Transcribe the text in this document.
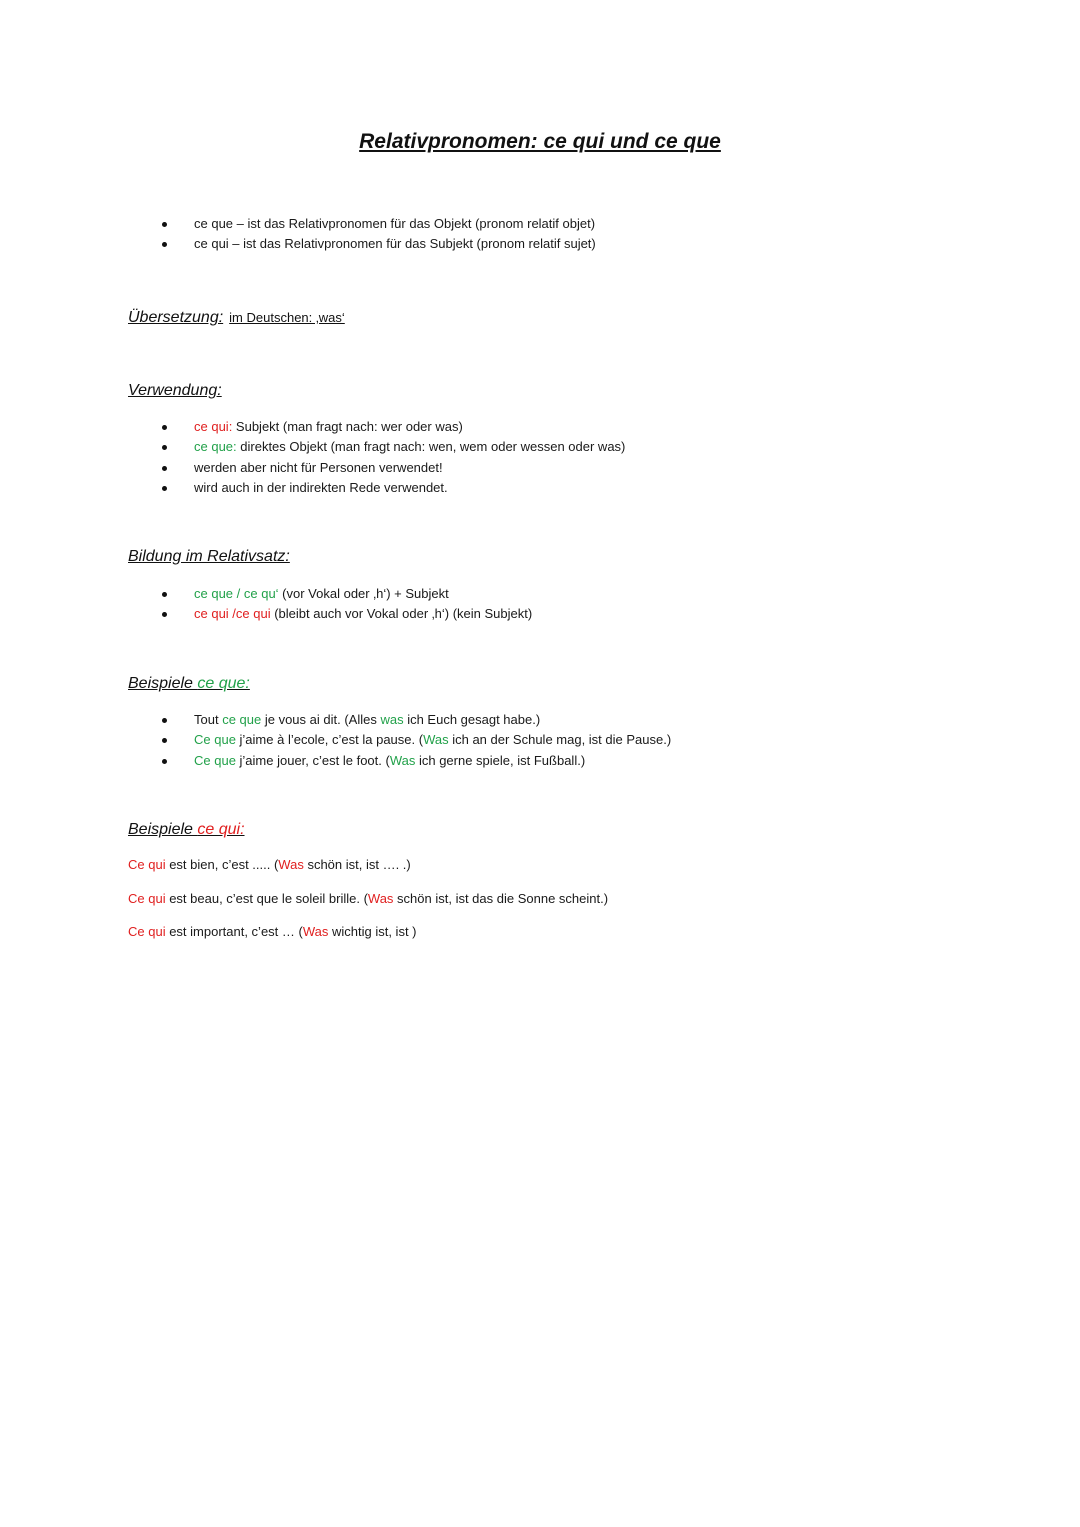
Relativpronomen: ce qui und ce que
ce que – ist das Relativpronomen für das Objekt (pronom relatif objet)
ce qui – ist das Relativpronomen für das Subjekt (pronom relatif sujet)
Übersetzung: im Deutschen: ‚was‘
Verwendung:
ce qui: Subjekt (man fragt nach: wer oder was)
ce que: direktes Objekt (man fragt nach: wen, wem oder wessen oder was)
werden aber nicht für Personen verwendet!
wird auch in der indirekten Rede verwendet.
Bildung im Relativsatz:
ce que / ce qu‘ (vor Vokal oder ‚h‘) + Subjekt
ce qui /ce qui (bleibt auch vor Vokal oder ‚h‘) (kein Subjekt)
Beispiele ce que:
Tout ce que je vous ai dit. (Alles was ich Euch gesagt habe.)
Ce que j’aime à l’ecole, c’est la pause. (Was ich an der Schule mag, ist die Pause.)
Ce que j’aime jouer, c’est le foot. (Was ich gerne spiele, ist Fußball.)
Beispiele ce qui:

Ce qui est bien, c’est ..... (Was schön ist, ist …. .)

Ce qui est beau, c’est que le soleil brille. (Was schön ist, ist das die Sonne scheint.)

Ce qui est important, c’est … (Was wichtig ist, ist )
